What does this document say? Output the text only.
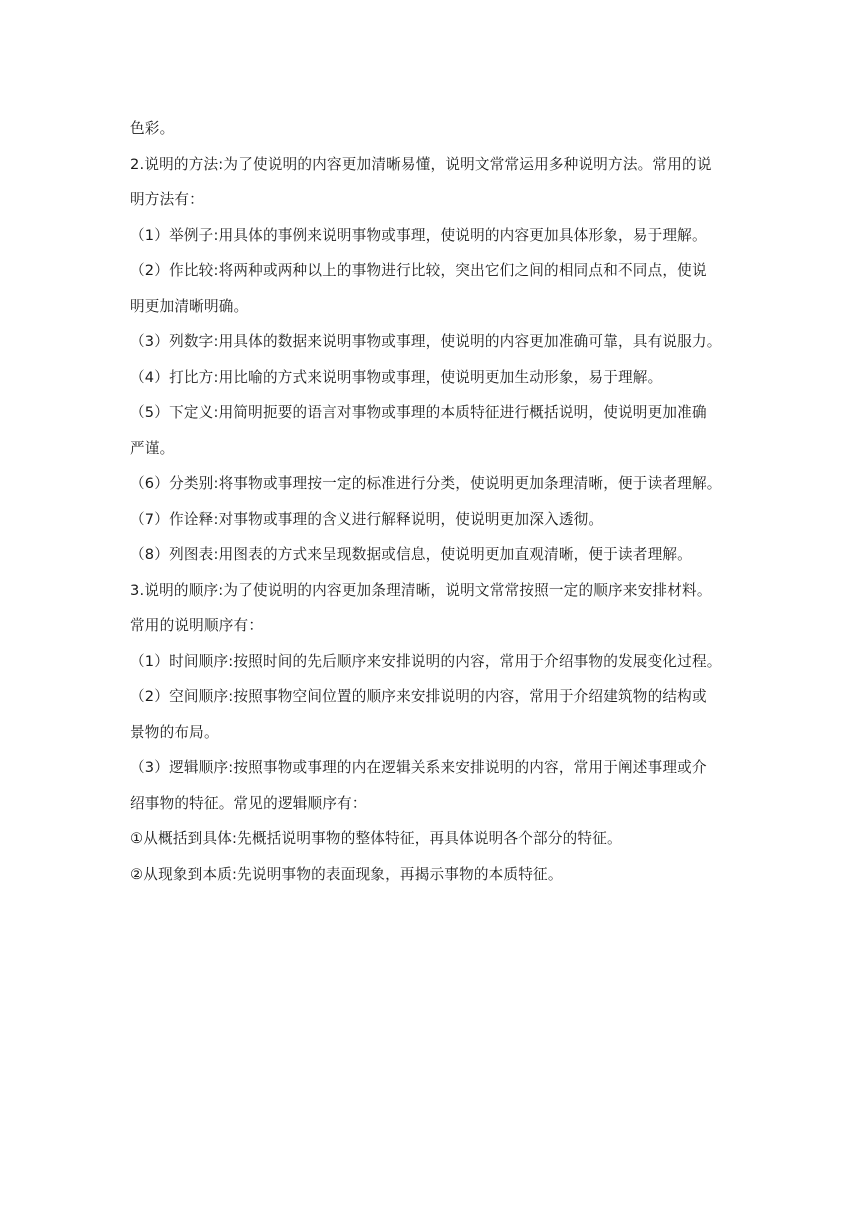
色彩。
2.说明的方法:为了使说明的内容更加清晰易懂，说明文常常运用多种说明方法。常用的说
明方法有：
（1）举例子:用具体的事例来说明事物或事理，使说明的内容更加具体形象，易于理解。
（2）作比较:将两种或两种以上的事物进行比较，突出它们之间的相同点和不同点，使说
明更加清晰明确。
（3）列数字:用具体的数据来说明事物或事理，使说明的内容更加准确可靠，具有说服力。
（4）打比方:用比喻的方式来说明事物或事理，使说明更加生动形象，易于理解。
（5）下定义:用简明扼要的语言对事物或事理的本质特征进行概括说明，使说明更加准确
严谨。
（6）分类别:将事物或事理按一定的标准进行分类，使说明更加条理清晰，便于读者理解。
（7）作诠释:对事物或事理的含义进行解释说明，使说明更加深入透彻。
（8）列图表:用图表的方式来呈现数据或信息，使说明更加直观清晰，便于读者理解。
3.说明的顺序:为了使说明的内容更加条理清晰，说明文常常按照一定的顺序来安排材料。
常用的说明顺序有：
（1）时间顺序:按照时间的先后顺序来安排说明的内容，常用于介绍事物的发展变化过程。
（2）空间顺序:按照事物空间位置的顺序来安排说明的内容，常用于介绍建筑物的结构或
景物的布局。
（3）逻辑顺序:按照事物或事理的内在逻辑关系来安排说明的内容，常用于阐述事理或介
绍事物的特征。常见的逻辑顺序有：
①从概括到具体:先概括说明事物的整体特征，再具体说明各个部分的特征。
②从现象到本质:先说明事物的表面现象，再揭示事物的本质特征。
